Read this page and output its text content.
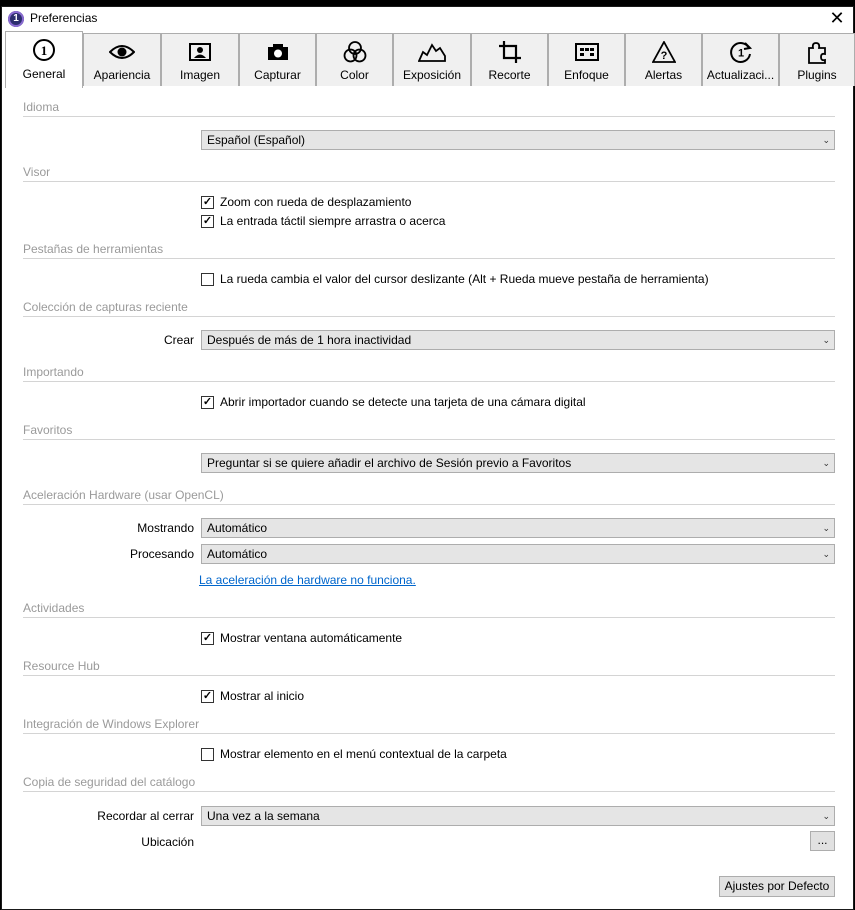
1 Preferencias	✕
1
General	Apariencia	Imagen	Capturar	Color	Exposición	Recorte	Enfoque
?
Alertas
1
Actualizaci...	Plugins
Idioma
Español (Español)	⌄
Visor
✓ Zoom con rueda de desplazamiento
✓ La entrada táctil siempre arrastra o acerca
Pestañas de herramientas
La rueda cambia el valor del cursor deslizante (Alt + Rueda mueve pestaña de herramienta)
Colección de capturas reciente
Crear	Después de más de 1 hora inactividad	⌄
Importando
✓ Abrir importador cuando se detecte una tarjeta de una cámara digital
Favoritos
Preguntar si se quiere añadir el archivo de Sesión previo a Favoritos	⌄
Aceleración Hardware (usar OpenCL)
Mostrando	Automático	⌄
Procesando	Automático	⌄
La aceleración de hardware no funciona.
Actividades
✓ Mostrar ventana automáticamente
Resource Hub
✓ Mostrar al inicio
Integración de Windows Explorer
Mostrar elemento en el menú contextual de la carpeta
Copia de seguridad del catálogo
Recordar al cerrar	Una vez a la semana	⌄
Ubicación	...
Ajustes por Defecto
